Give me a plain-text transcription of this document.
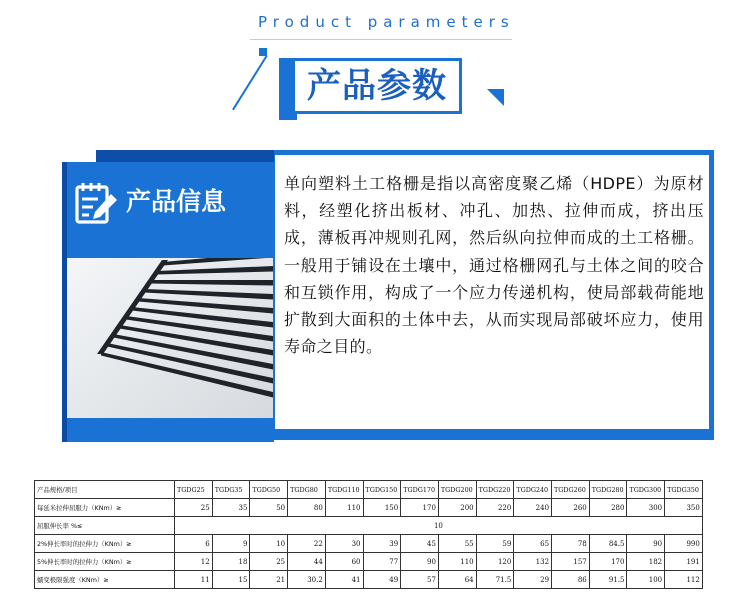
Product parameters
产品参数
单向塑料土工格栅是指以高密度聚乙烯（HDPE）为原材料，经塑化挤出板材、冲孔、加热、拉伸而成，挤出压成，薄板再冲规则孔网，然后纵向拉伸而成的土工格栅。一般用于铺设在土壤中，通过格栅网孔与土体之间的咬合和互锁作用，构成了一个应力传递机构，使局部载荷能地扩散到大面积的土体中去，从而实现局部破坏应力，使用寿命之目的。
产品信息
产品规格/项目	TGDG25	TGDG35	TGDG50	TGDG80	TGDG110	TGDG150	TGDG170	TGDG200	TGDG220	TGDG240	TGDG260	TGDG280	TGDG300	TGDG350
每延米拉伸屈服力（KNm）≥	25	35	50	80	110	150	170	200	220	240	260	280	300	350
屈服伸长率 %≤	10													
2%伸长率时的拉伸力（KNm）≥	6	9	10	22	30	39	45	55	59	65	78	84.5	90	990
5%伸长率时的拉伸力（KNm）≥	12	18	25	44	60	77	90	110	120	132	157	170	182	191
蠕变极限强度（KNm）≥	11	15	21	30.2	41	49	57	64	71.5	29	86	91.5	100	112
